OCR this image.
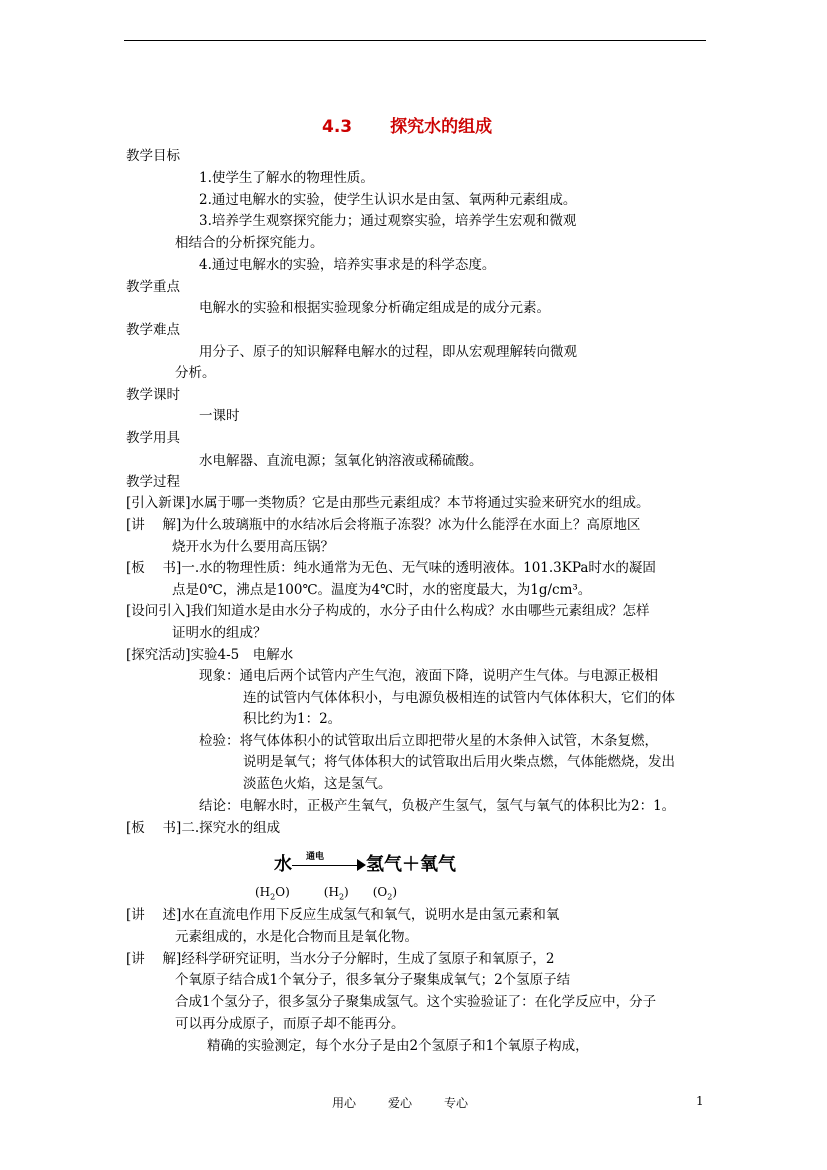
4.3 探究水的组成
教学目标
1.使学生了解水的物理性质。
2.通过电解水的实验，使学生认识水是由氢、氧两种元素组成。
3.培养学生观察探究能力；通过观察实验，培养学生宏观和微观
相结合的分析探究能力。
4.通过电解水的实验，培养实事求是的科学态度。
教学重点
电解水的实验和根据实验现象分析确定组成是的成分元素。
教学难点
用分子、原子的知识解释电解水的过程，即从宏观理解转向微观
分析。
教学课时
一课时
教学用具
水电解器、直流电源；氢氧化钠溶液或稀硫酸。
教学过程
[引入新课]水属于哪一类物质？它是由那些元素组成？本节将通过实验来研究水的组成。
[讲　 解]为什么玻璃瓶中的水结冰后会将瓶子冻裂？冰为什么能浮在水面上？高原地区
烧开水为什么要用高压锅？
[板　 书]一.水的物理性质：纯水通常为无色、无气味的透明液体。101.3KPa时水的凝固
点是0℃，沸点是100℃。温度为4℃时，水的密度最大，为1g/cm³。
[设问引入]我们知道水是由水分子构成的，水分子由什么构成？水由哪些元素组成？怎样
证明水的组成？
[探究活动]实验4-5　电解水
现象：通电后两个试管内产生气泡，液面下降，说明产生气体。与电源正极相
连的试管内气体体积小，与电源负极相连的试管内气体体积大，它们的体
积比约为1：2。
检验：将气体体积小的试管取出后立即把带火星的木条伸入试管，木条复燃，
说明是氧气；将气体体积大的试管取出后用火柴点燃，气体能燃烧，发出
淡蓝色火焰，这是氢气。
结论：电解水时，正极产生氧气，负极产生氢气，氢气与氧气的体积比为2：1。
[板　 书]二.探究水的组成
水 通电 氢气＋氧气
$(H_2O)$	$(H_2)$ $(O_2)$
[讲　 述]水在直流电作用下反应生成氢气和氧气，说明水是由氢元素和氧
元素组成的，水是化合物而且是氧化物。
[讲　 解]经科学研究证明，当水分子分解时，生成了氢原子和氧原子，2
个氧原子结合成1个氧分子，很多氧分子聚集成氧气；2个氢原子结
合成1个氢分子，很多氢分子聚集成氢气。这个实验验证了：在化学反应中，分子
可以再分成原子，而原子却不能再分。
精确的实验测定，每个水分子是由2个氢原子和1个氧原子构成，
用心	爱心	专心	1
